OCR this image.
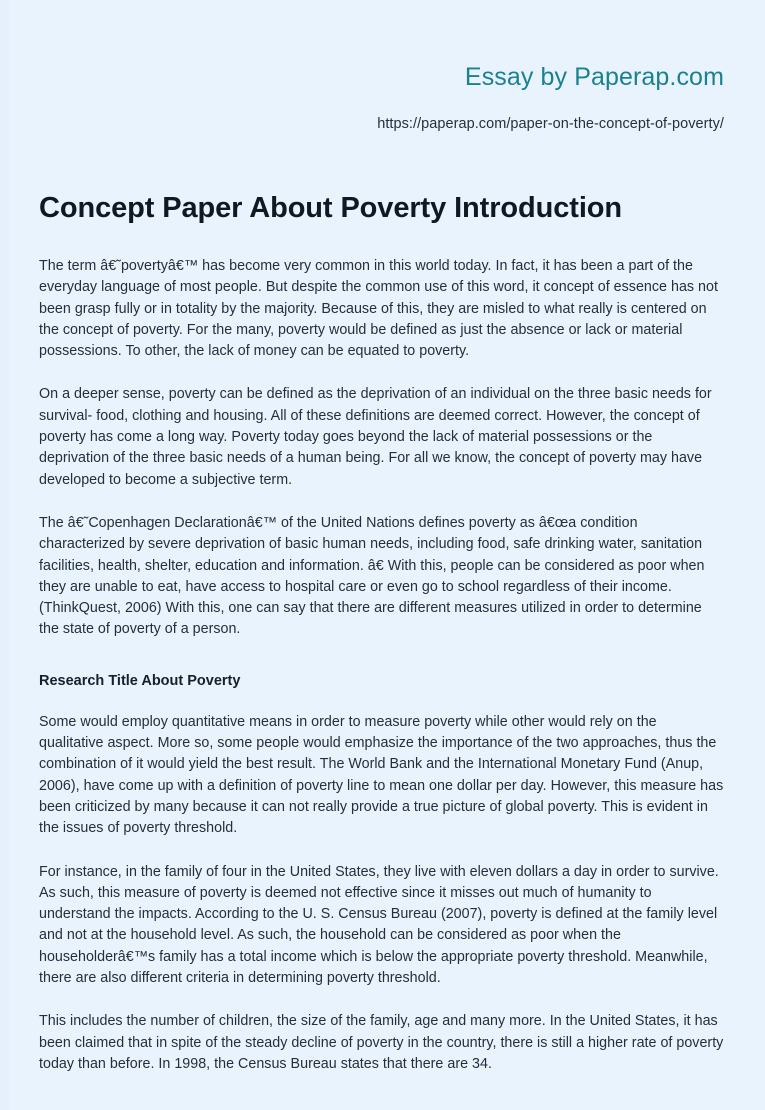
Essay by Paperap.com
https://paperap.com/paper-on-the-concept-of-poverty/
Concept Paper About Poverty Introduction

The term â€˜povertyâ€™ has become very common in this world today. In fact, it has been a part of the everyday language of most people. But despite the common use of this word, it concept of essence has not been grasp fully or in totality by the majority. Because of this, they are misled to what really is centered on the concept of poverty. For the many, poverty would be defined as just the absence or lack or material possessions. To other, the lack of money can be equated to poverty.

On a deeper sense, poverty can be defined as the deprivation of an individual on the three basic needs for survival- food, clothing and housing. All of these definitions are deemed correct. However, the concept of poverty has come a long way. Poverty today goes beyond the lack of material possessions or the deprivation of the three basic needs of a human being. For all we know, the concept of poverty may have developed to become a subjective term.

The â€˜Copenhagen Declarationâ€™ of the United Nations defines poverty as â€œa condition characterized by severe deprivation of basic human needs, including food, safe drinking water, sanitation facilities, health, shelter, education and information. â€ With this, people can be considered as poor when they are unable to eat, have access to hospital care or even go to school regardless of their income. (ThinkQuest, 2006) With this, one can say that there are different measures utilized in order to determine the state of poverty of a person.

Research Title About Poverty

Some would employ quantitative means in order to measure poverty while other would rely on the qualitative aspect. More so, some people would emphasize the importance of the two approaches, thus the combination of it would yield the best result. The World Bank and the International Monetary Fund (Anup, 2006), have come up with a definition of poverty line to mean one dollar per day. However, this measure has been criticized by many because it can not really provide a true picture of global poverty. This is evident in the issues of poverty threshold.

For instance, in the family of four in the United States, they live with eleven dollars a day in order to survive. As such, this measure of poverty is deemed not effective since it misses out much of humanity to understand the impacts. According to the U. S. Census Bureau (2007), poverty is defined at the family level and not at the household level. As such, the household can be considered as poor when the householderâ€™s family has a total income which is below the appropriate poverty threshold. Meanwhile, there are also different criteria in determining poverty threshold.

This includes the number of children, the size of the family, age and many more. In the United States, it has been claimed that in spite of the steady decline of poverty in the country, there is still a higher rate of poverty today than before. In 1998, the Census Bureau states that there are 34.
